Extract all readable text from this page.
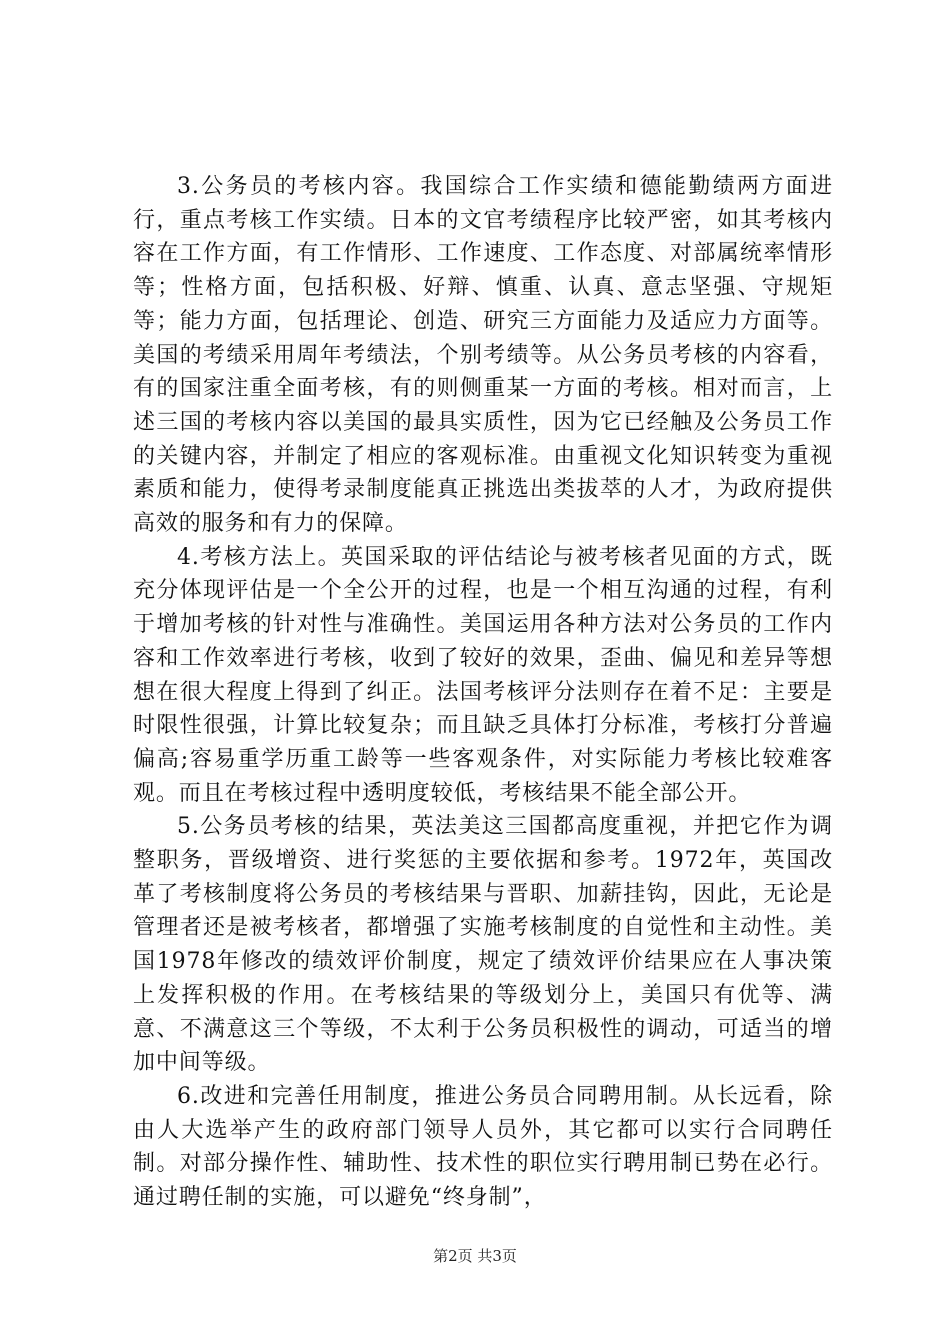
3.公务员的考核内容。我国综合工作实绩和德能勤绩两方面进行，重点考核工作实绩。日本的文官考绩程序比较严密，如其考核内容在工作方面，有工作情形、工作速度、工作态度、对部属统率情形等；性格方面，包括积极、好辩、慎重、认真、意志坚强、守规矩等；能力方面，包括理论、创造、研究三方面能力及适应力方面等。美国的考绩采用周年考绩法，个别考绩等。从公务员考核的内容看，有的国家注重全面考核，有的则侧重某一方面的考核。相对而言，上述三国的考核内容以美国的最具实质性，因为它已经触及公务员工作的关键内容，并制定了相应的客观标准。由重视文化知识转变为重视素质和能力，使得考录制度能真正挑选出类拔萃的人才，为政府提供高效的服务和有力的保障。

4.考核方法上。英国采取的评估结论与被考核者见面的方式，既充分体现评估是一个全公开的过程，也是一个相互沟通的过程，有利于增加考核的针对性与准确性。美国运用各种方法对公务员的工作内容和工作效率进行考核，收到了较好的效果，歪曲、偏见和差异等想想在很大程度上得到了纠正。法国考核评分法则存在着不足：主要是时限性很强，计算比较复杂；而且缺乏具体打分标准，考核打分普遍偏高;容易重学历重工龄等一些客观条件，对实际能力考核比较难客观。而且在考核过程中透明度较低，考核结果不能全部公开。

5.公务员考核的结果，英法美这三国都高度重视，并把它作为调整职务，晋级增资、进行奖惩的主要依据和参考。1972年，英国改革了考核制度将公务员的考核结果与晋职、加薪挂钩，因此，无论是管理者还是被考核者，都增强了实施考核制度的自觉性和主动性。美国1978年修改的绩效评价制度，规定了绩效评价结果应在人事决策上发挥积极的作用。在考核结果的等级划分上，美国只有优等、满意、不满意这三个等级，不太利于公务员积极性的调动，可适当的增加中间等级。

6.改进和完善任用制度，推进公务员合同聘用制。从长远看，除由人大选举产生的政府部门领导人员外，其它都可以实行合同聘任制。对部分操作性、辅助性、技术性的职位实行聘用制已势在必行。通过聘任制的实施，可以避免“终身制”，

第2页 共3页
